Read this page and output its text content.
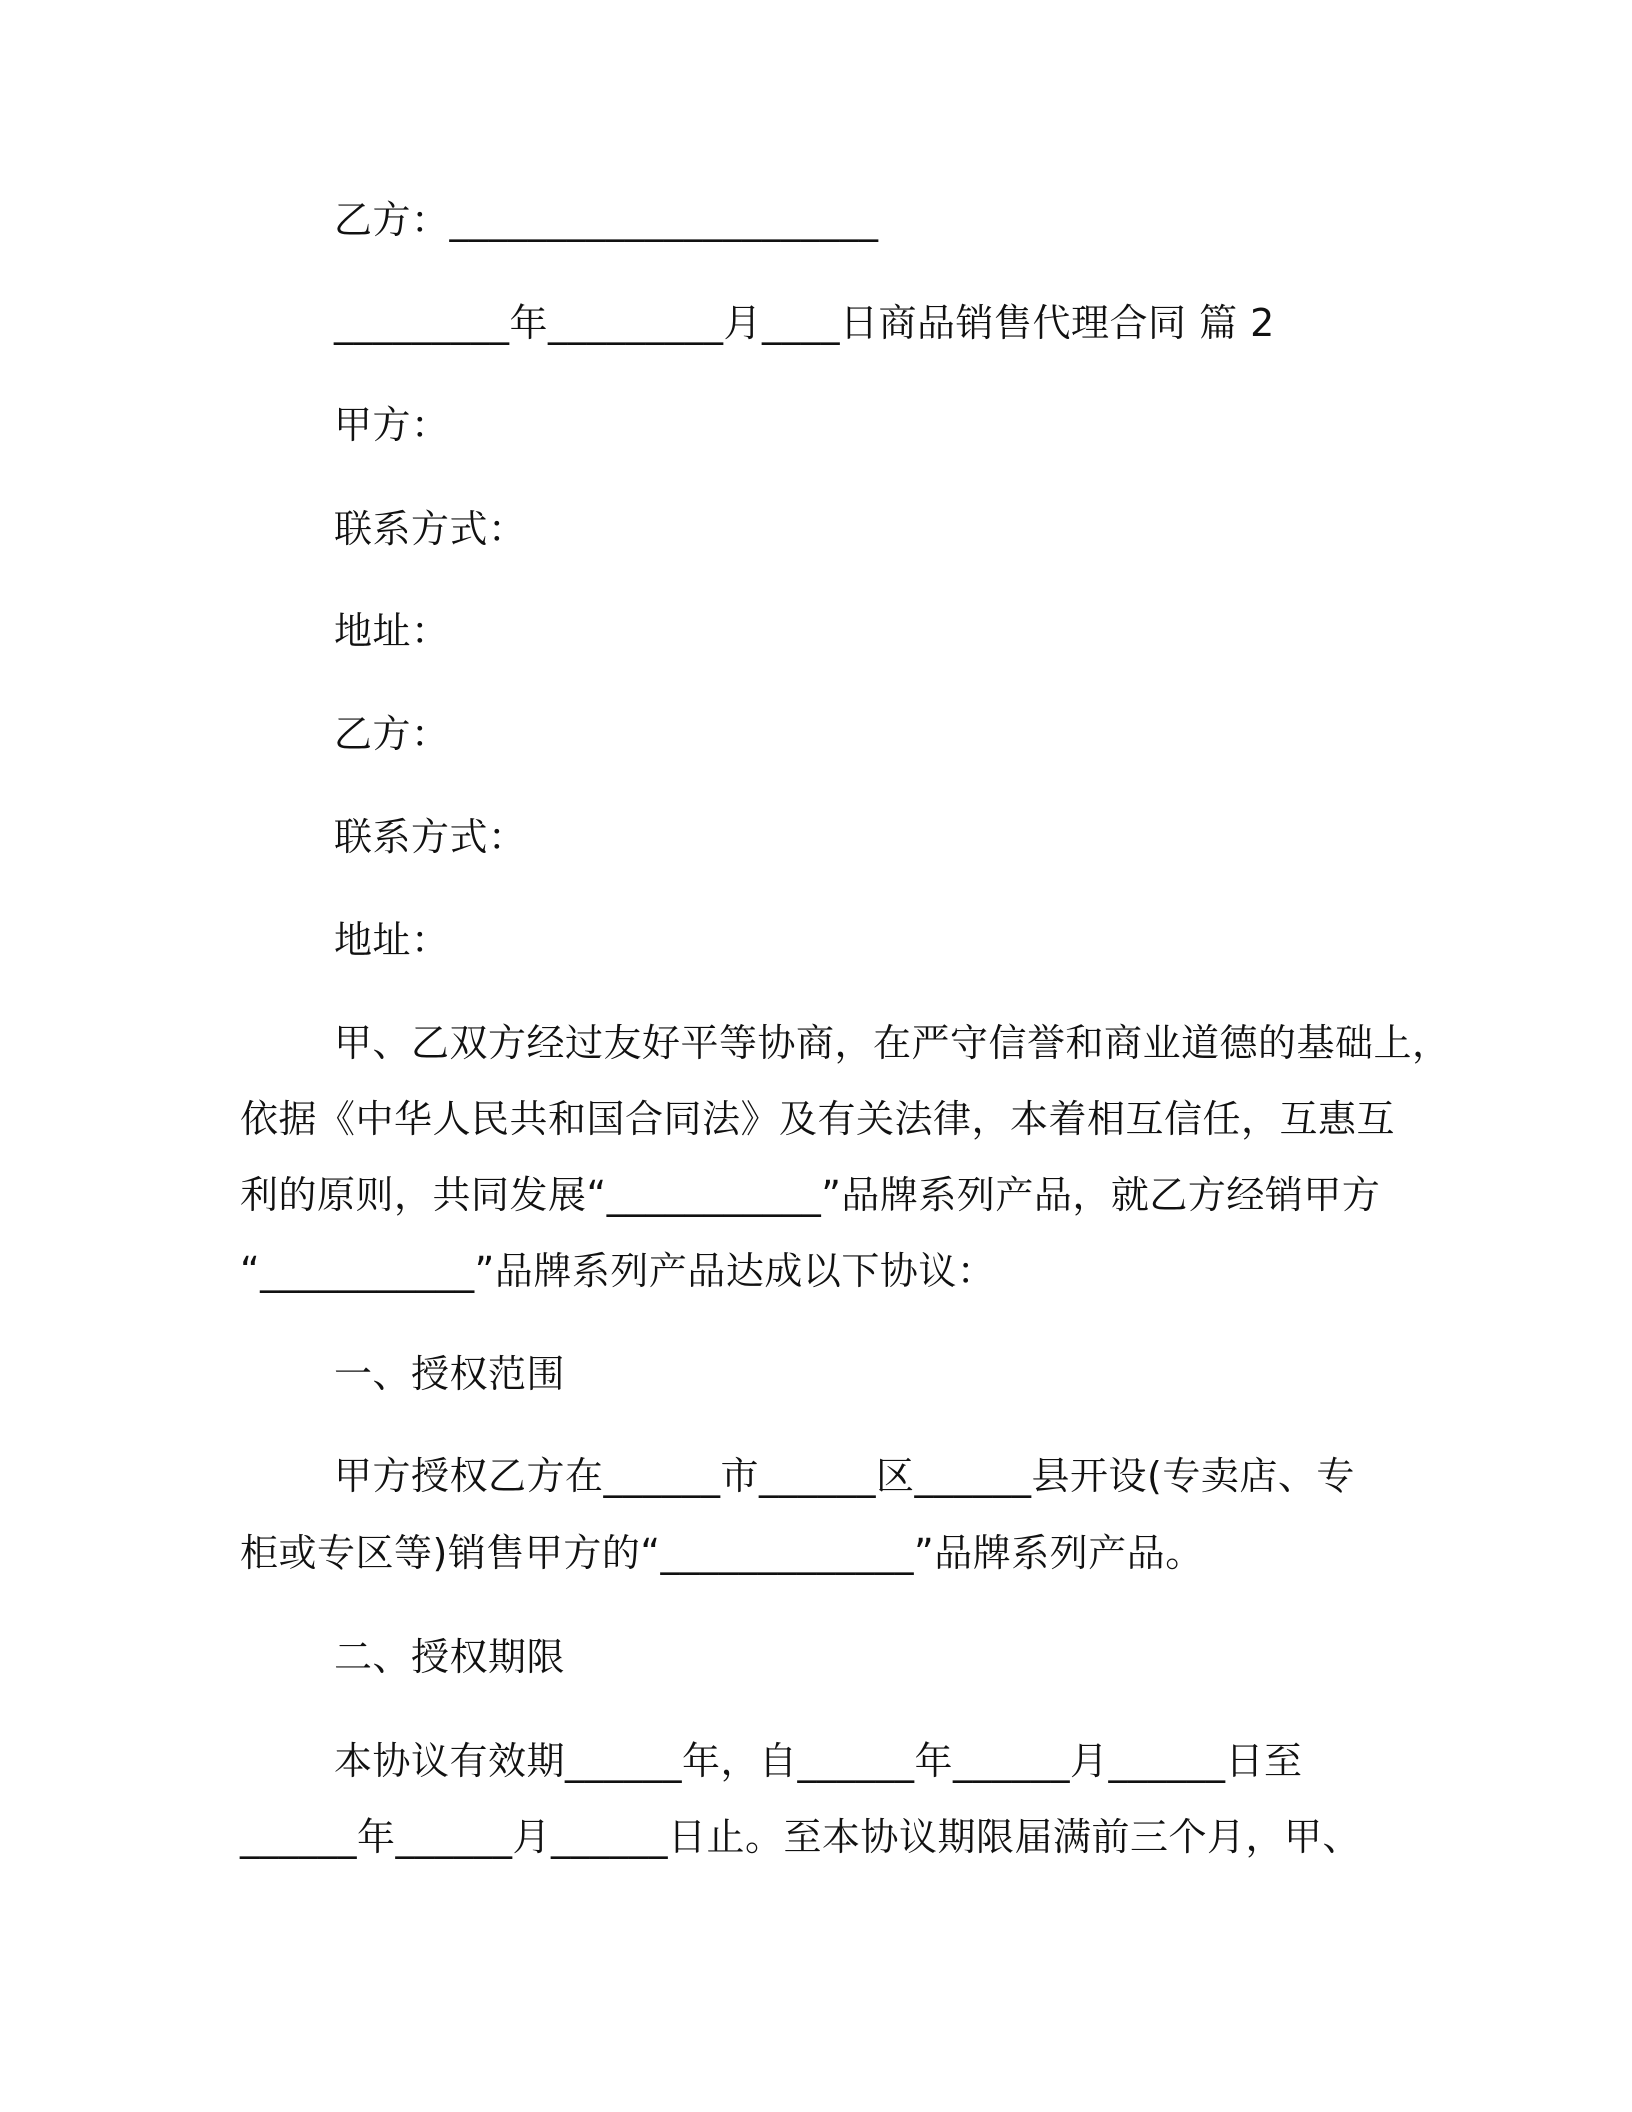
乙方：______________________
_________年_________月____日商品销售代理合同 篇 2
甲方：
联系方式：
地址：
乙方：
联系方式：
地址：
甲、乙双方经过友好平等协商，在严守信誉和商业道德的基础上，
依据《中华人民共和国合同法》及有关法律，本着相互信任，互惠互
利的原则，共同发展“___________”品牌系列产品，就乙方经销甲方
“___________”品牌系列产品达成以下协议：
一、授权范围
甲方授权乙方在______市______区______县开设(专卖店、专
柜或专区等)销售甲方的“_____________”品牌系列产品。
二、授权期限
本协议有效期______年，自______年______月______日至
______年______月______日止。至本协议期限届满前三个月，甲、
